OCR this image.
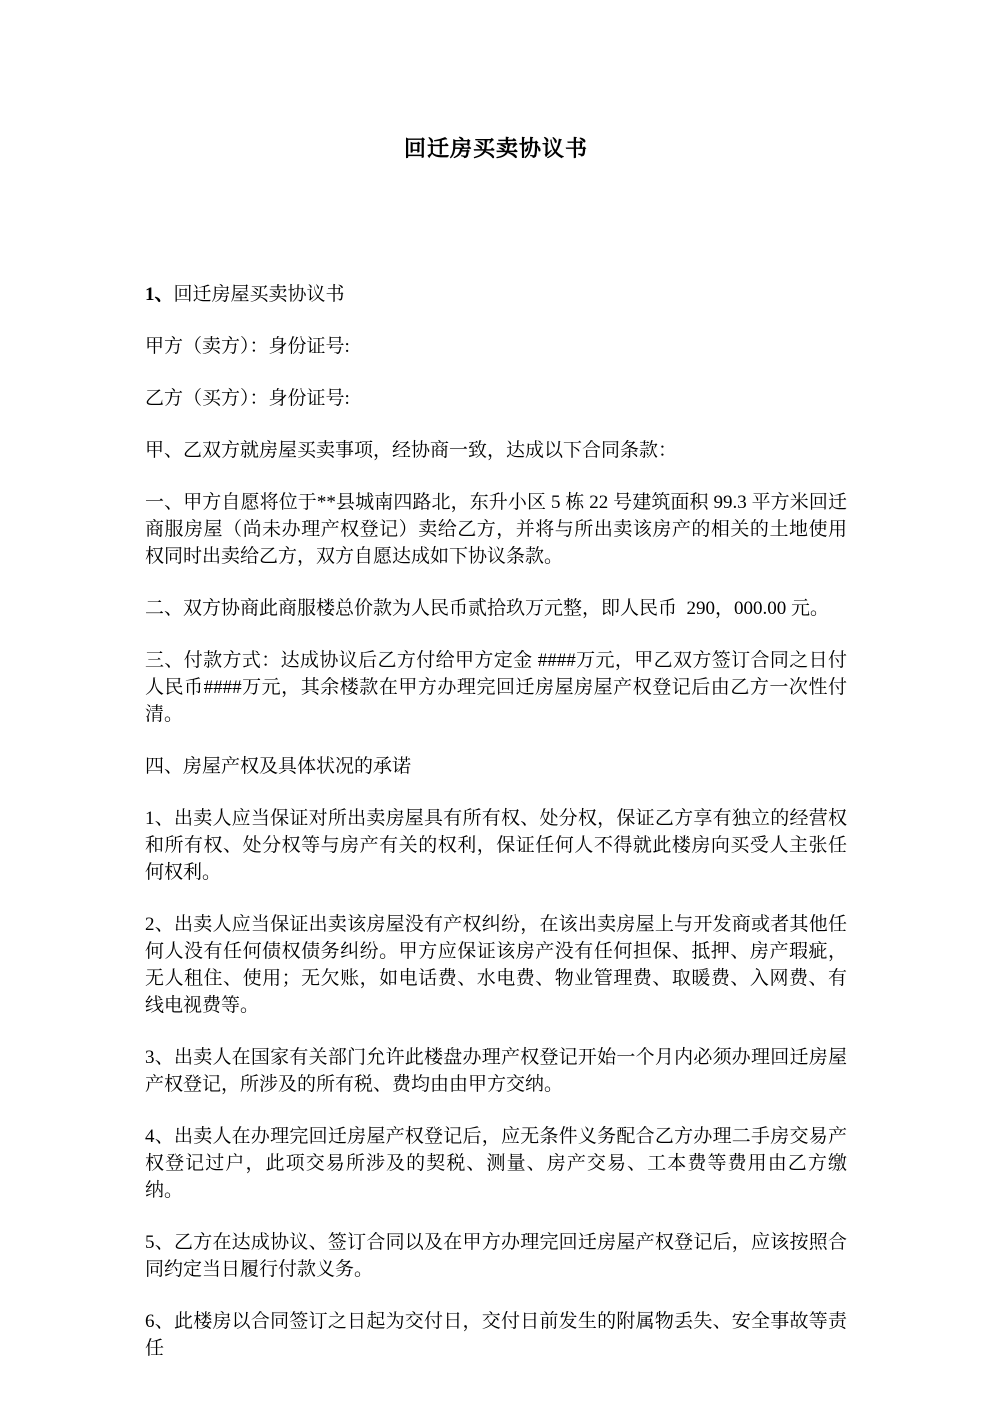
回迁房买卖协议书

1、回迁房屋买卖协议书

甲方（卖方）：身份证号:

乙方（买方）：身份证号:

甲、乙双方就房屋买卖事项，经协商一致，达成以下合同条款：

一、甲方自愿将位于**县城南四路北，东升小区 5 栋 22 号建筑面积 99.3 平方米回迁商服房屋（尚未办理产权登记）卖给乙方，并将与所出卖该房产的相关的土地使用权同时出卖给乙方，双方自愿达成如下协议条款。

二、双方协商此商服楼总价款为人民币贰拾玖万元整，即人民币  290，000.00 元。

三、付款方式：达成协议后乙方付给甲方定金 ####万元，甲乙双方签订合同之日付人民币####万元，其余楼款在甲方办理完回迁房屋房屋产权登记后由乙方一次性付清。

四、房屋产权及具体状况的承诺

1、出卖人应当保证对所出卖房屋具有所有权、处分权，保证乙方享有独立的经营权和所有权、处分权等与房产有关的权利，保证任何人不得就此楼房向买受人主张任何权利。

2、出卖人应当保证出卖该房屋没有产权纠纷，在该出卖房屋上与开发商或者其他任何人没有任何债权债务纠纷。甲方应保证该房产没有任何担保、抵押、房产瑕疵，无人租住、使用；无欠账，如电话费、水电费、物业管理费、取暖费、入网费、有线电视费等。

3、出卖人在国家有关部门允许此楼盘办理产权登记开始一个月内必须办理回迁房屋产权登记，所涉及的所有税、费均由由甲方交纳。

4、出卖人在办理完回迁房屋产权登记后，应无条件义务配合乙方办理二手房交易产权登记过户，此项交易所涉及的契税、测量、房产交易、工本费等费用由乙方缴纳。

5、乙方在达成协议、签订合同以及在甲方办理完回迁房屋产权登记后，应该按照合同约定当日履行付款义务。

6、此楼房以合同签订之日起为交付日，交付日前发生的附属物丢失、安全事故等责任
